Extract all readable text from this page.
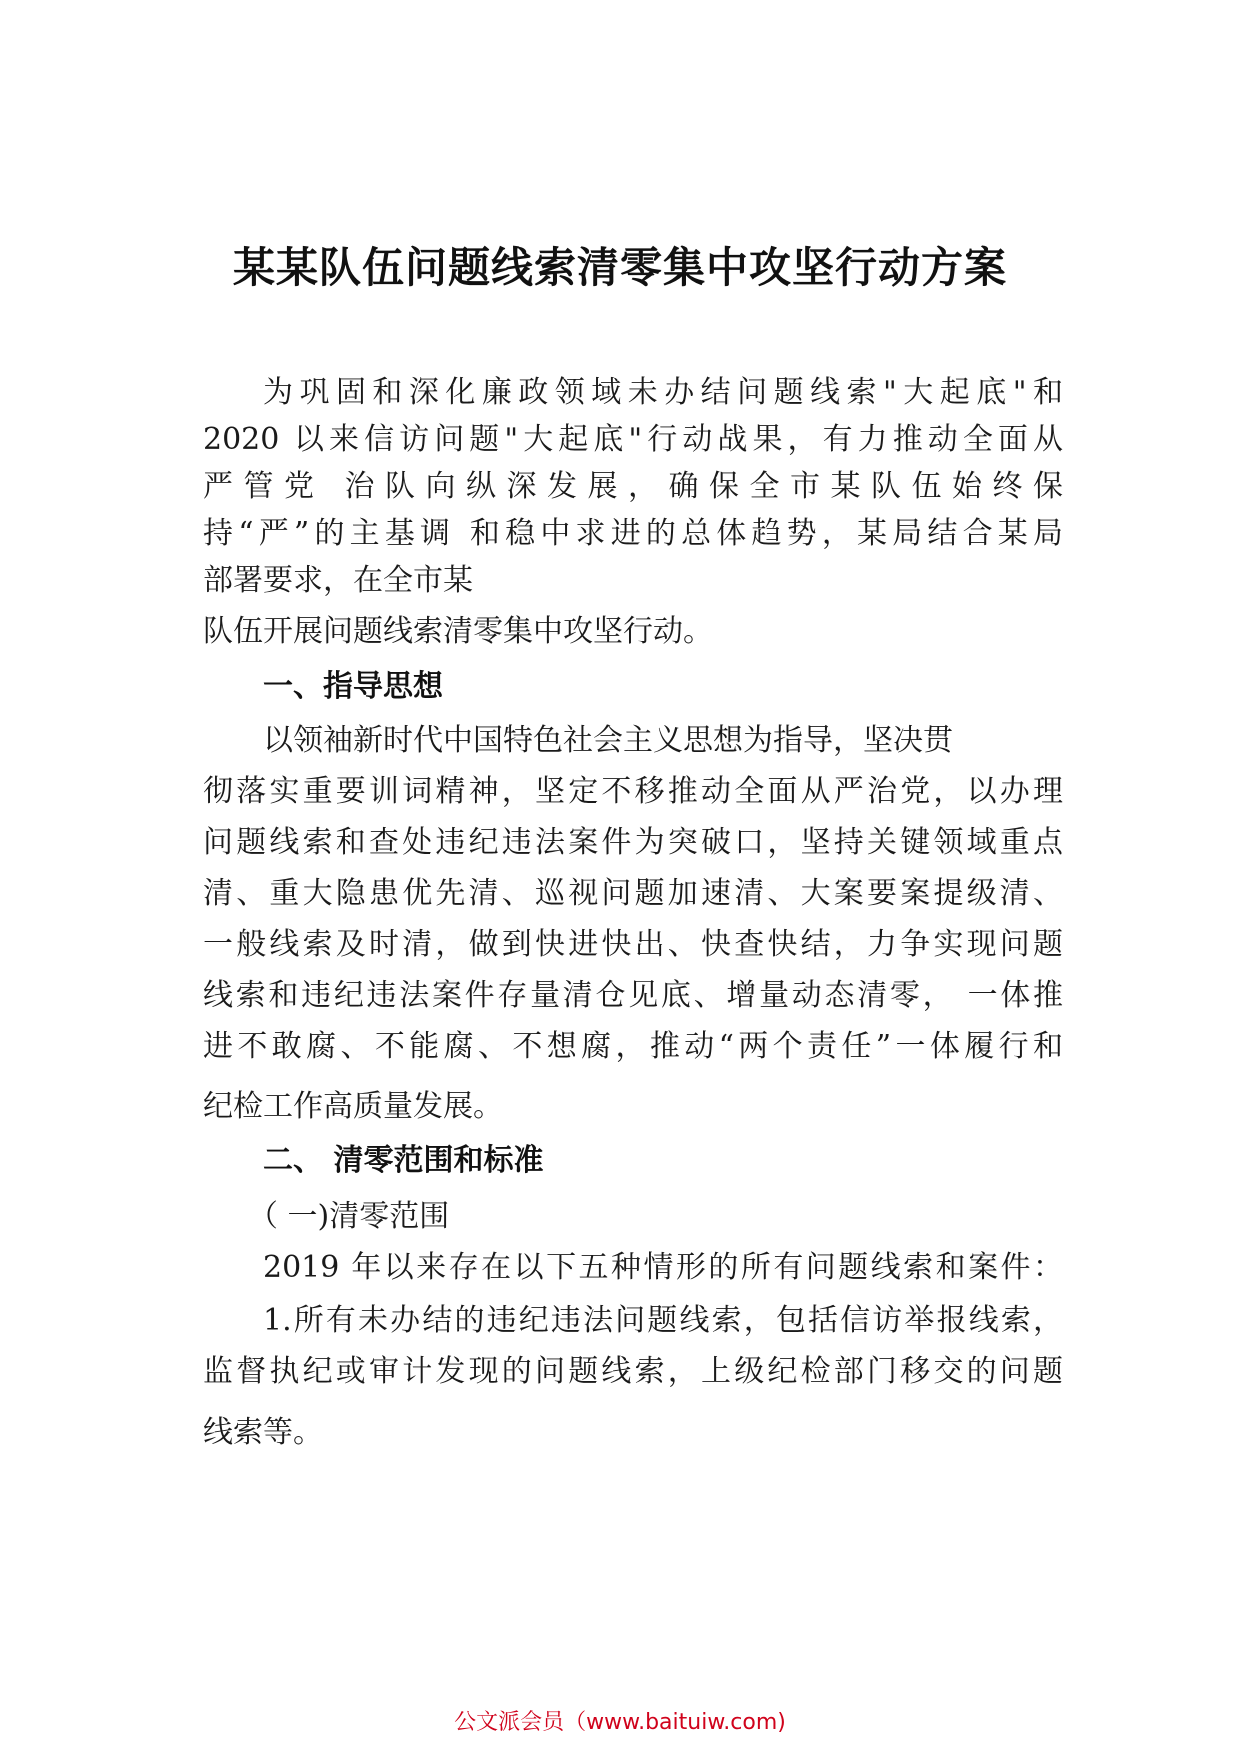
某某队伍问题线索清零集中攻坚行动方案
为巩固和深化廉政领域未办结问题线索"大起底"和
2020 以来信访问题"大起底"行动战果，有力推动全面从
严管党 治队向纵深发展，确保全市某队伍始终保
持“严”的主基调 和稳中求进的总体趋势，某局结合某局
部署要求，在全市某
队伍开展问题线索清零集中攻坚行动。
一、指导思想
以领袖新时代中国特色社会主义思想为指导，坚决贯
彻落实重要训词精神，坚定不移推动全面从严治党，以办理
问题线索和查处违纪违法案件为突破口，坚持关键领域重点
清、重大隐患优先清、巡视问题加速清、大案要案提级清、
一般线索及时清，做到快进快出、快查快结，力争实现问题
线索和违纪违法案件存量清仓见底、增量动态清零， 一体推
进不敢腐、不能腐、不想腐，推动“两个责任”一体履行和
纪检工作高质量发展。
二、 清零范围和标准
（ 一)清零范围
2019 年以来存在以下五种情形的所有问题线索和案件：
1.所有未办结的违纪违法问题线索，包括信访举报线索，
监督执纪或审计发现的问题线索，上级纪检部门移交的问题
线索等。
公文派会员（www.baituiw.com)
